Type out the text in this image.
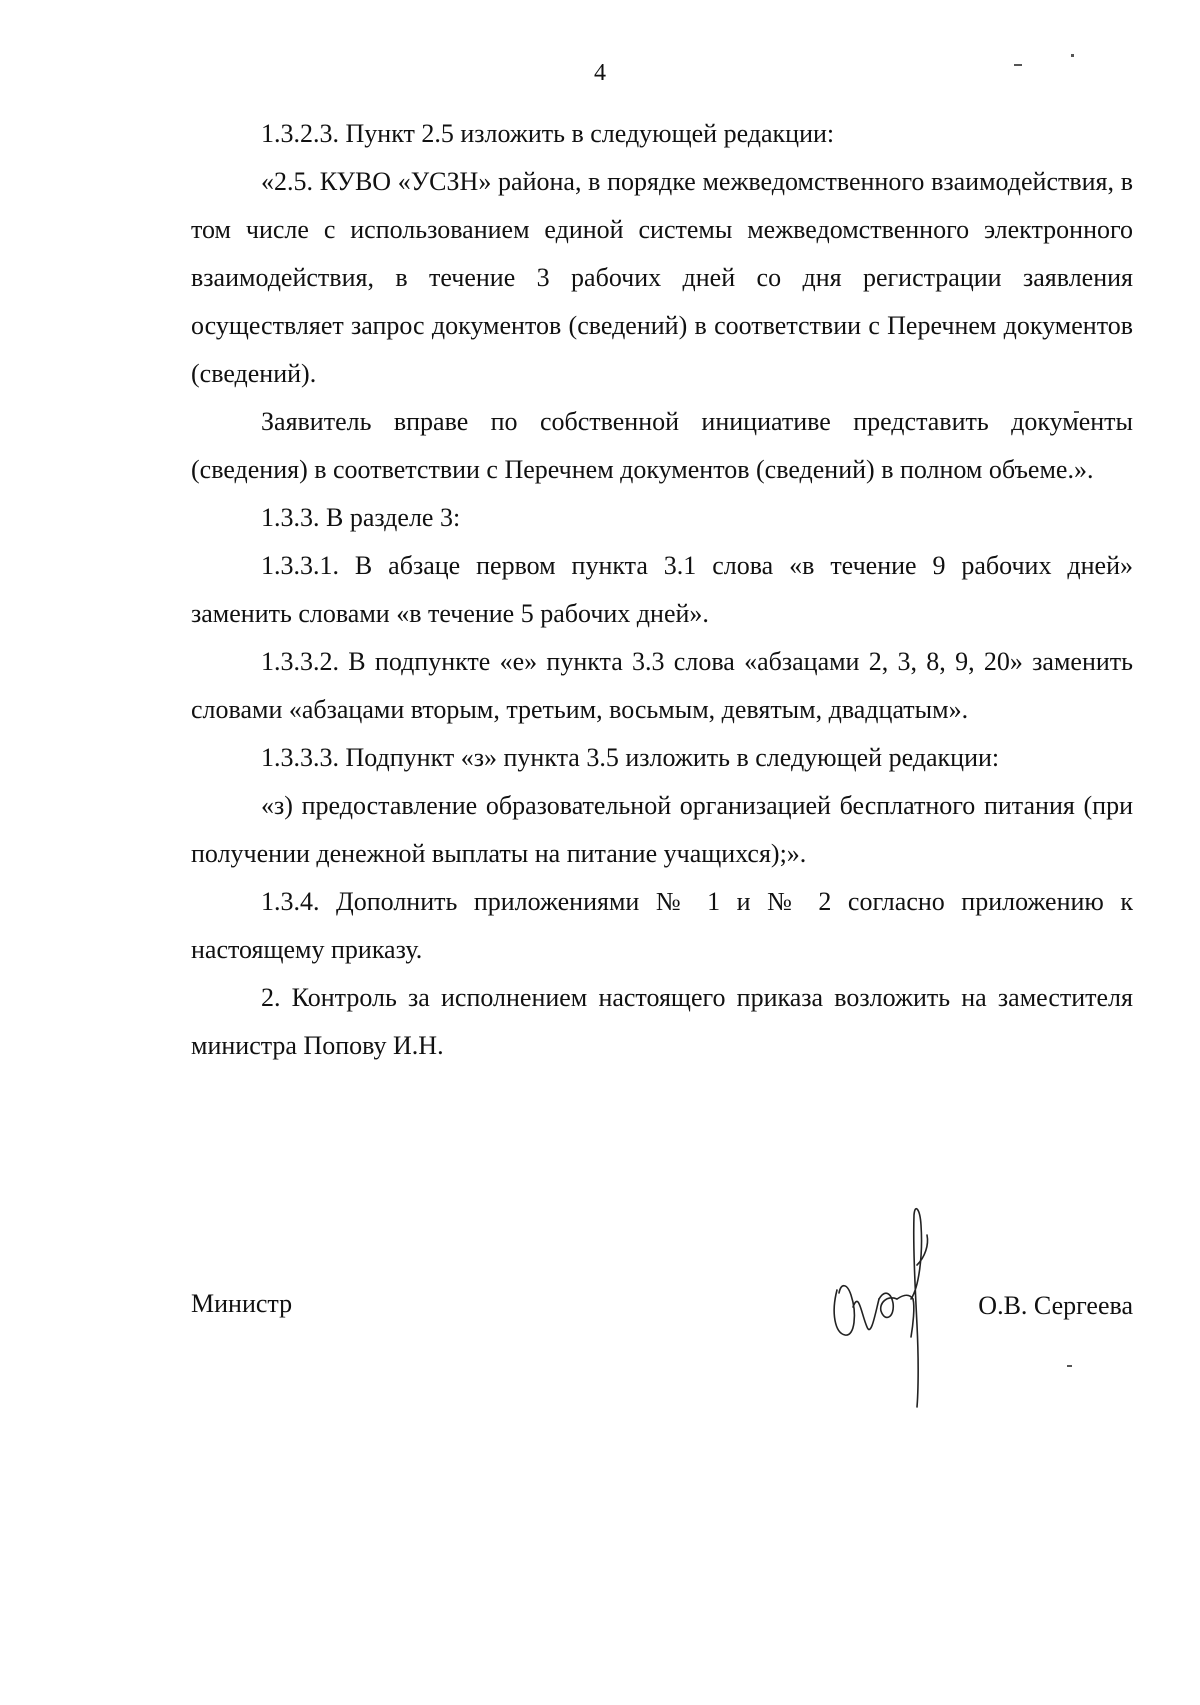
4

1.3.2.3. Пункт 2.5 изложить в следующей редакции:

«2.5. КУВО «УСЗН» района, в порядке межведомственного взаимодействия, в том числе с использованием единой системы межведомственного электронного взаимодействия, в течение 3 рабочих дней со дня регистрации заявления осуществляет запрос документов (сведений) в соответствии с Перечнем документов (сведений).

Заявитель вправе по собственной инициативе представить документы (сведения) в соответствии с Перечнем документов (сведений) в полном объеме.».

1.3.3. В разделе 3:

1.3.3.1. В абзаце первом пункта 3.1 слова «в течение 9 рабочих дней» заменить словами «в течение 5 рабочих дней».

1.3.3.2. В подпункте «е» пункта 3.3 слова «абзацами 2, 3, 8, 9, 20» заменить словами «абзацами вторым, третьим, восьмым, девятым, двадцатым».

1.3.3.3. Подпункт «з» пункта 3.5 изложить в следующей редакции:

«з) предоставление образовательной организацией бесплатного питания (при получении денежной выплаты на питание учащихся);».

1.3.4. Дополнить приложениями № 1 и № 2 согласно приложению к настоящему приказу.

2. Контроль за исполнением настоящего приказа возложить на заместителя министра Попову И.Н.

Министр	О.В. Сергеева
